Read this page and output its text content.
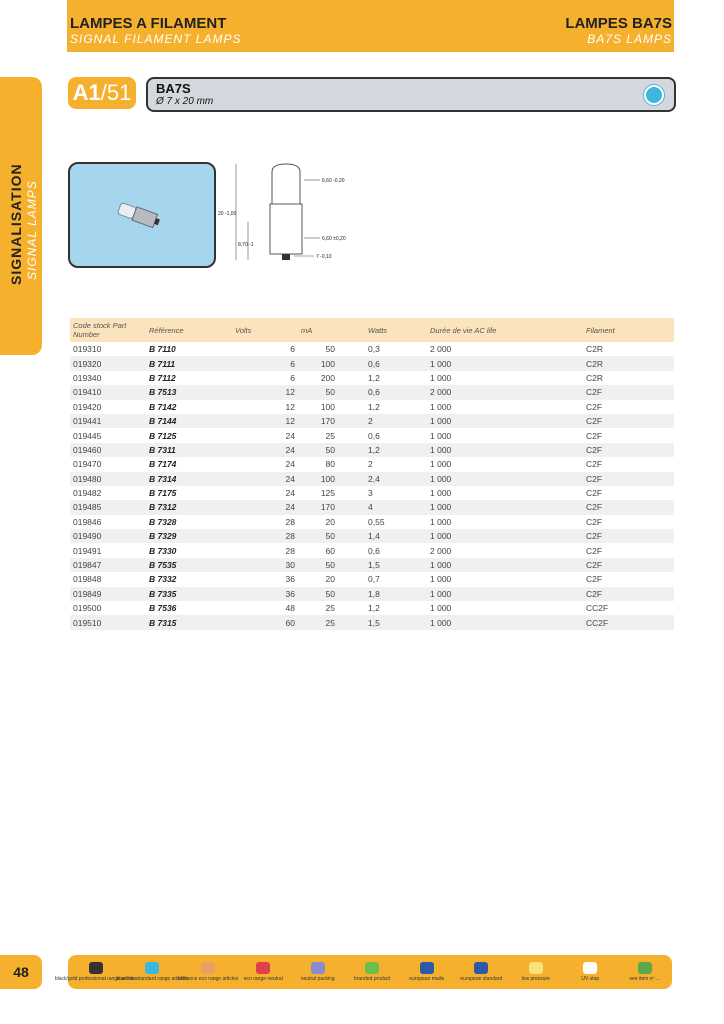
LAMPES A FILAMENT
SIGNAL FILAMENT LAMPS
LAMPES BA7S
BA7S LAMPS
SIGNALISATION SIGNAL LAMPS
A1/51	BA7S
Ø 7 x 20 mm
6,60 -0,20
20 -1,00
8,70 -1
6,60 ±0,20
7 -0,10
Code stock Part Number	Référence	Volts	mA	Watts	Durée de vie AC life	Filament
019310	B 7110	6	50	0,3	2 000	C2R
019320	B 7111	6	100	0,6	1 000	C2R
019340	B 7112	6	200	1,2	1 000	C2R
019410	B 7513	12	50	0,6	2 000	C2F
019420	B 7142	12	100	1,2	1 000	C2F
019441	B 7144	12	170	2	1 000	C2F
019445	B 7125	24	25	0,6	1 000	C2F
019460	B 7311	24	50	1,2	1 000	C2F
019470	B 7174	24	80	2	1 000	C2F
019480	B 7314	24	100	2,4	1 000	C2F
019482	B 7175	24	125	3	1 000	C2F
019485	B 7312	24	170	4	1 000	C2F
019846	B 7328	28	20	0,55	1 000	C2F
019490	B 7329	28	50	1,4	1 000	C2F
019491	B 7330	28	60	0,6	2 000	C2F
019847	B 7535	30	50	1,5	1 000	C2F
019848	B 7332	36	20	0,7	1 000	C2F
019849	B 7335	36	50	1,8	1 000	C2F
019500	B 7536	48	25	1,2	1 000	CC2F
019510	B 7315	60	25	1,5	1 000	CC2F
48	black/gold professional range articles
blue line standard range articles
brilliance eco range articles eco range neutral	neutral packing	branded product	european made	european standard	low pressure	UV stop	see item nº ...
